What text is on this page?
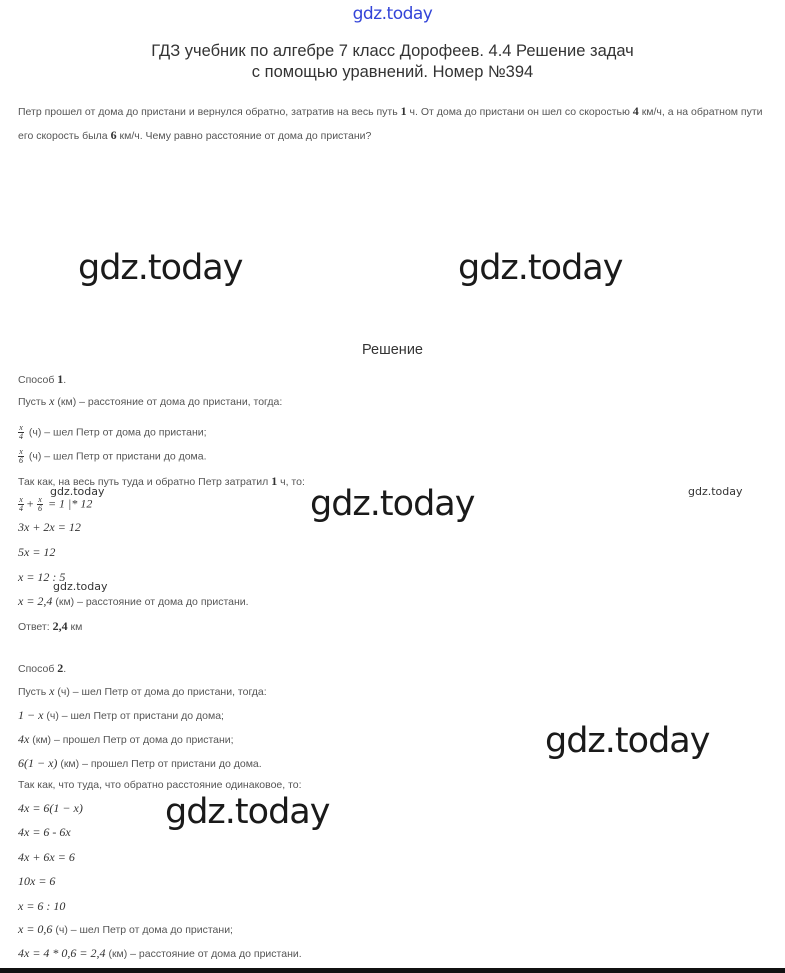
gdz.today
ГДЗ учебник по алгебре 7 класс Дорофеев. 4.4 Решение задач
с помощью уравнений. Номер №394
Петр прошел от дома до пристани и вернулся обратно, затратив на весь путь 1 ч. От дома до пристани он шел со скоростью 4 км/ч, а на обратном пути его скорость была 6 км/ч. Чему равно расстояние от дома до пристани?
gdz.today	gdz.today
gdz.today
gdz.today
gdz.today
gdz.today	gdz.today
gdz.today
Решение
Способ 1.
Пусть x (км) – расстояние от дома до пристани, тогда:
$\frac{x}{4} (ч)$ – шел Петр от дома до пристани;
$\frac{x}{6} (ч)$ – шел Петр от пристани до дома.
Так как, на весь путь туда и обратно Петр затратил 1 ч, то:
$\frac{x}{4} + \frac{x}{6} = 1$ |* 12
3x + 2x = 12
5x = 12
x = 12 : 5
x = 2,4 (км) – расстояние от дома до пристани.
Ответ: 2,4 км
Способ 2.
Пусть x (ч) – шел Петр от дома до пристани, тогда:
1 − x (ч) – шел Петр от пристани до дома;
4x (км) – прошел Петр от дома до пристани;
6(1 − x) (км) – прошел Петр от пристани до дома.
Так как, что туда, что обратно расстояние одинаковое, то:
4x = 6(1 − x)
4x = 6 - 6x
4x + 6x = 6
10x = 6
x = 6 : 10
x = 0,6 (ч) – шел Петр от дома до пристани;
4x = 4 * 0,6 = 2,4 (км) – расстояние от дома до пристани.
